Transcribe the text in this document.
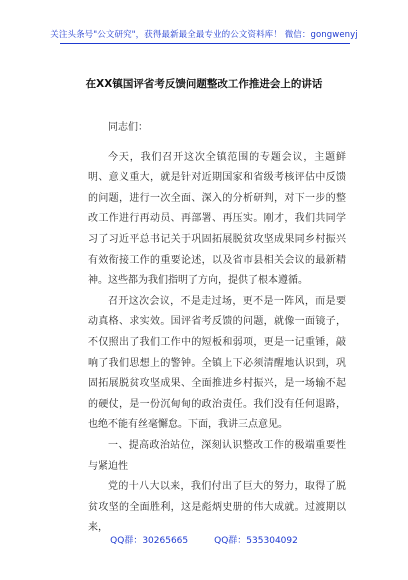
关注头条号"公文研究"，获得最新最全最专业的公文资料库！ 微信：gongwenyj
在XX镇国评省考反馈问题整改工作推进会上的讲话

同志们：

今天，我们召开这次全镇范围的专题会议，主题鲜明、意义重大，就是针对近期国家和省级考核评估中反馈的问题，进行一次全面、深入的分析研判，对下一步的整改工作进行再动员、再部署、再压实。刚才，我们共同学习了习近平总书记关于巩固拓展脱贫攻坚成果同乡村振兴有效衔接工作的重要论述，以及省市县相关会议的最新精神。这些都为我们指明了方向，提供了根本遵循。

召开这次会议，不是走过场，更不是一阵风，而是要动真格、求实效。国评省考反馈的问题，就像一面镜子，不仅照出了我们工作中的短板和弱项，更是一记重锤，敲响了我们思想上的警钟。全镇上下必须清醒地认识到，巩固拓展脱贫攻坚成果、全面推进乡村振兴，是一场输不起的硬仗，是一份沉甸甸的政治责任。我们没有任何退路，也绝不能有丝毫懈怠。下面，我讲三点意见。

一、提高政治站位，深刻认识整改工作的极端重要性与紧迫性

党的十八大以来，我们付出了巨大的努力，取得了脱贫攻坚的全面胜利，这是彪炳史册的伟大成就。过渡期以来，

QQ群：30265665	QQ群：535304092
